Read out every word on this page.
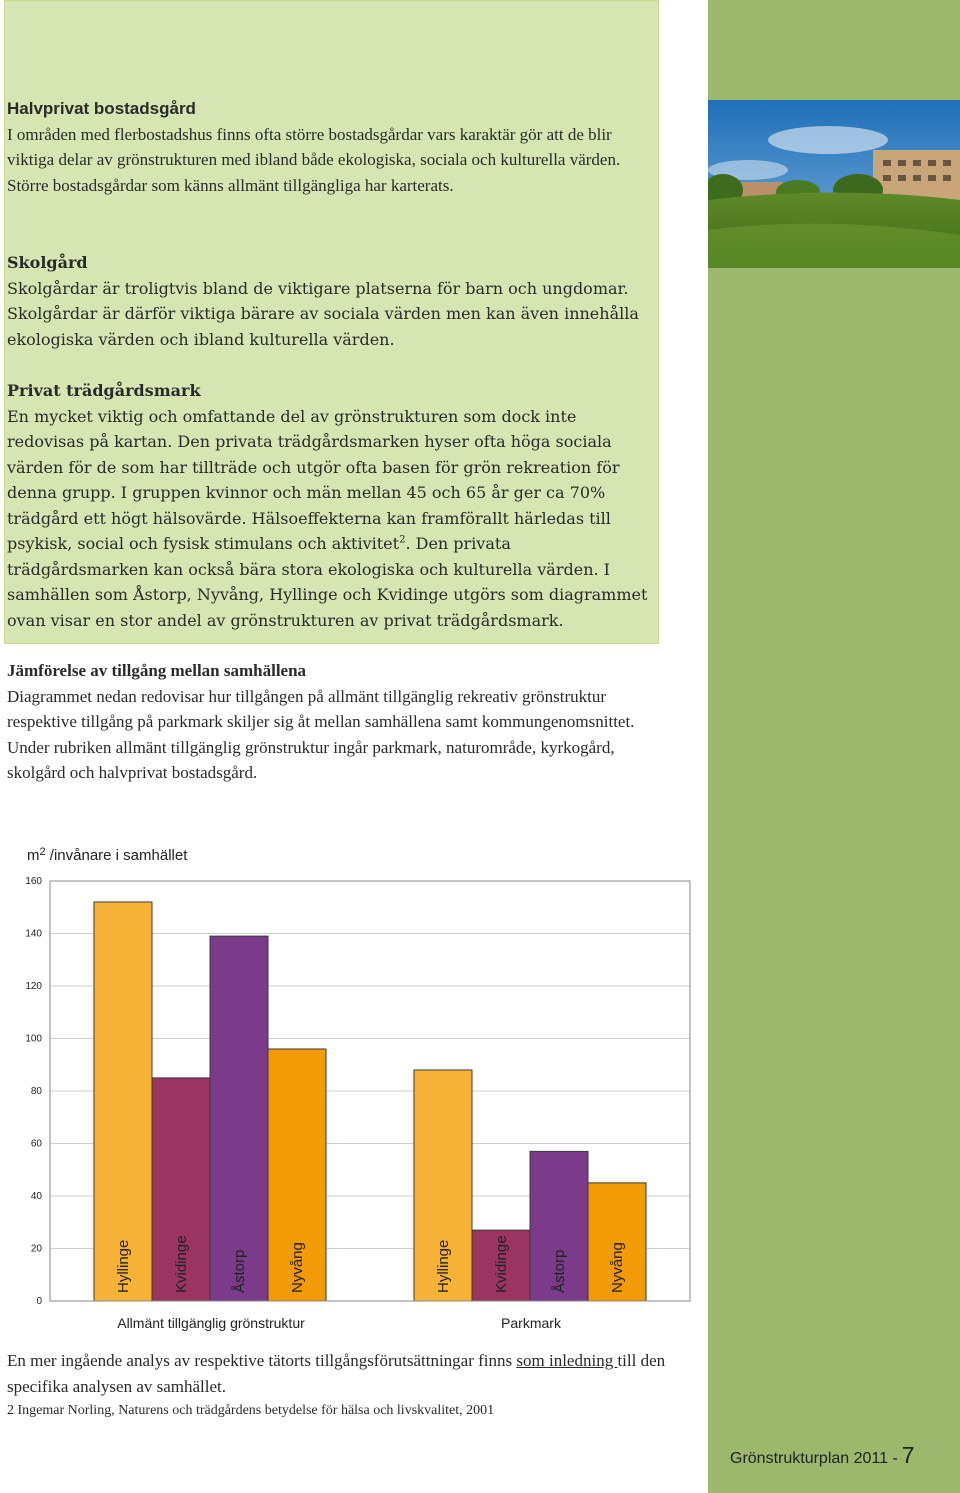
Halvprivat bostadsgård

I områden med flerbostadshus finns ofta större bostadsgårdar vars karaktär gör att de blir viktiga delar av grönstrukturen med ibland både ekologiska, sociala och kulturella värden. Större bostadsgårdar som känns allmänt tillgängliga har karterats.

Skolgård

Skolgårdar är troligtvis bland de viktigare platserna för barn och ungdomar. Skolgårdar är därför viktiga bärare av sociala värden men kan även innehålla ekologiska värden och ibland kulturella värden.

Privat trädgårdsmark

En mycket viktig och omfattande del av grönstrukturen som dock inte redovisas på kartan. Den privata trädgårdsmarken hyser ofta höga sociala värden för de som har tillträde och utgör ofta basen för grön rekreation för denna grupp. I gruppen kvinnor och män mellan 45 och 65 år ger ca 70% trädgård ett högt hälsovärde. Hälsoeffekterna kan framförallt härledas till psykisk, social och fysisk stimulans och aktivitet$^2$. Den privata trädgårdsmarken kan också bära stora ekologiska och kulturella värden. I samhällen som Åstorp, Nyvång, Hyllinge och Kvidinge utgörs som diagrammet ovan visar en stor andel av grönstrukturen av privat trädgårdsmark.

Jämförelse av tillgång mellan samhällena

Diagrammet nedan redovisar hur tillgången på allmänt tillgänglig rekreativ grönstruktur respektive tillgång på parkmark skiljer sig åt mellan samhällena samt kommungenomsnittet. Under rubriken allmänt tillgänglig grönstruktur ingår parkmark, naturområde, kyrkogård, skolgård och halvprivat bostadsgård.

$m^2$ /invånare i samhället
0
20
40
60
80
100
120
140
160
Hyllinge	Kvidinge	Åstorp	Nyvång	Hyllinge	Kvidinge	Åstorp	Nyvång
Allmänt tillgänglig grönstruktur	Parkmark
En mer ingående analys av respektive tätorts tillgångsförutsättningar finns som inledning till den specifika analysen av samhället.
2 Ingemar Norling, Naturens och trädgårdens betydelse för hälsa och livskvalitet, 2001
Grönstrukturplan 2011 - 7
